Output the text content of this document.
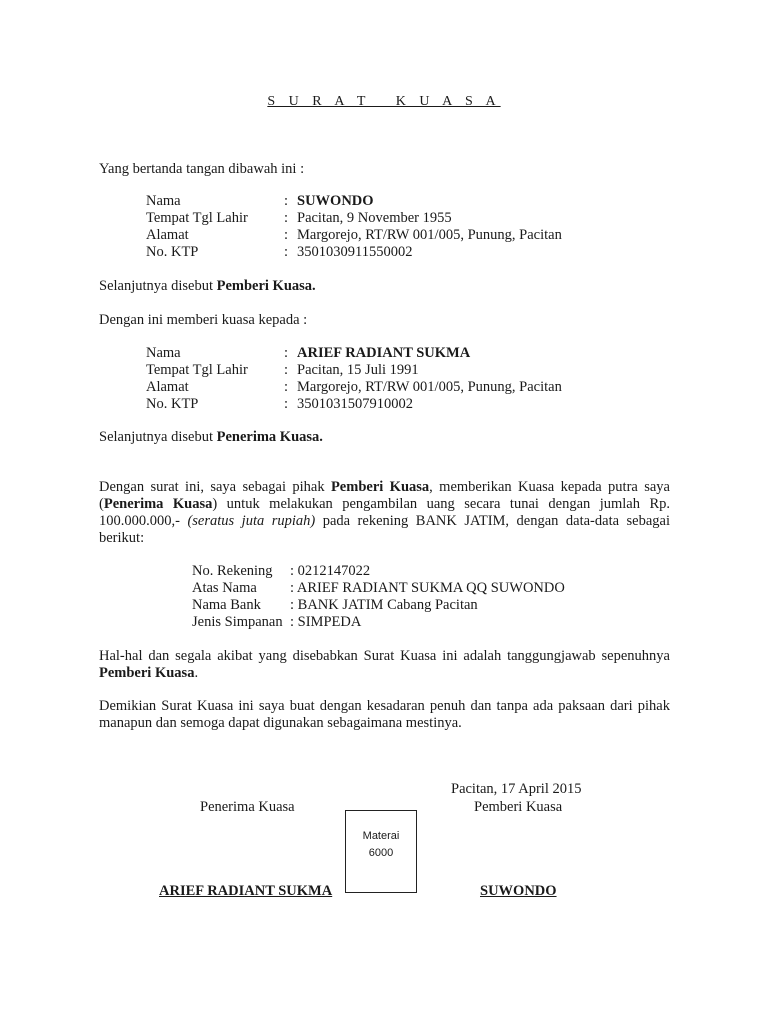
S U R A T   K U A S A
Yang bertanda tangan dibawah ini :
Nama	: SUWONDO
Tempat Tgl Lahir : Pacitan, 9 November 1955
Alamat	: Margorejo, RT/RW 001/005, Punung, Pacitan
No. KTP	: 3501030911550002
Selanjutnya disebut Pemberi Kuasa.
Dengan ini memberi kuasa kepada :
Nama	: ARIEF RADIANT SUKMA
Tempat Tgl Lahir : Pacitan, 15 Juli 1991
Alamat	: Margorejo, RT/RW 001/005, Punung, Pacitan
No. KTP	: 3501031507910002
Selanjutnya disebut Penerima Kuasa.
Dengan surat ini, saya sebagai pihak Pemberi Kuasa, memberikan Kuasa kepada putra saya (Penerima Kuasa) untuk melakukan pengambilan uang secara tunai dengan jumlah Rp. 100.000.000,- (seratus juta rupiah) pada rekening BANK JATIM, dengan data-data sebagai berikut:
No. Rekening : 0212147022
Atas Nama : ARIEF RADIANT SUKMA QQ SUWONDO
Nama Bank : BANK JATIM Cabang Pacitan
Jenis Simpanan : SIMPEDA
Hal-hal dan segala akibat yang disebabkan Surat Kuasa ini adalah tanggungjawab sepenuhnya Pemberi Kuasa.
Demikian Surat Kuasa ini saya buat dengan kesadaran penuh dan tanpa ada paksaan dari pihak manapun dan semoga dapat digunakan sebagaimana mestinya.
Pacitan, 17 April 2015
Penerima Kuasa	Pemberi Kuasa
Materai
6000
ARIEF RADIANT SUKMA	SUWONDO
